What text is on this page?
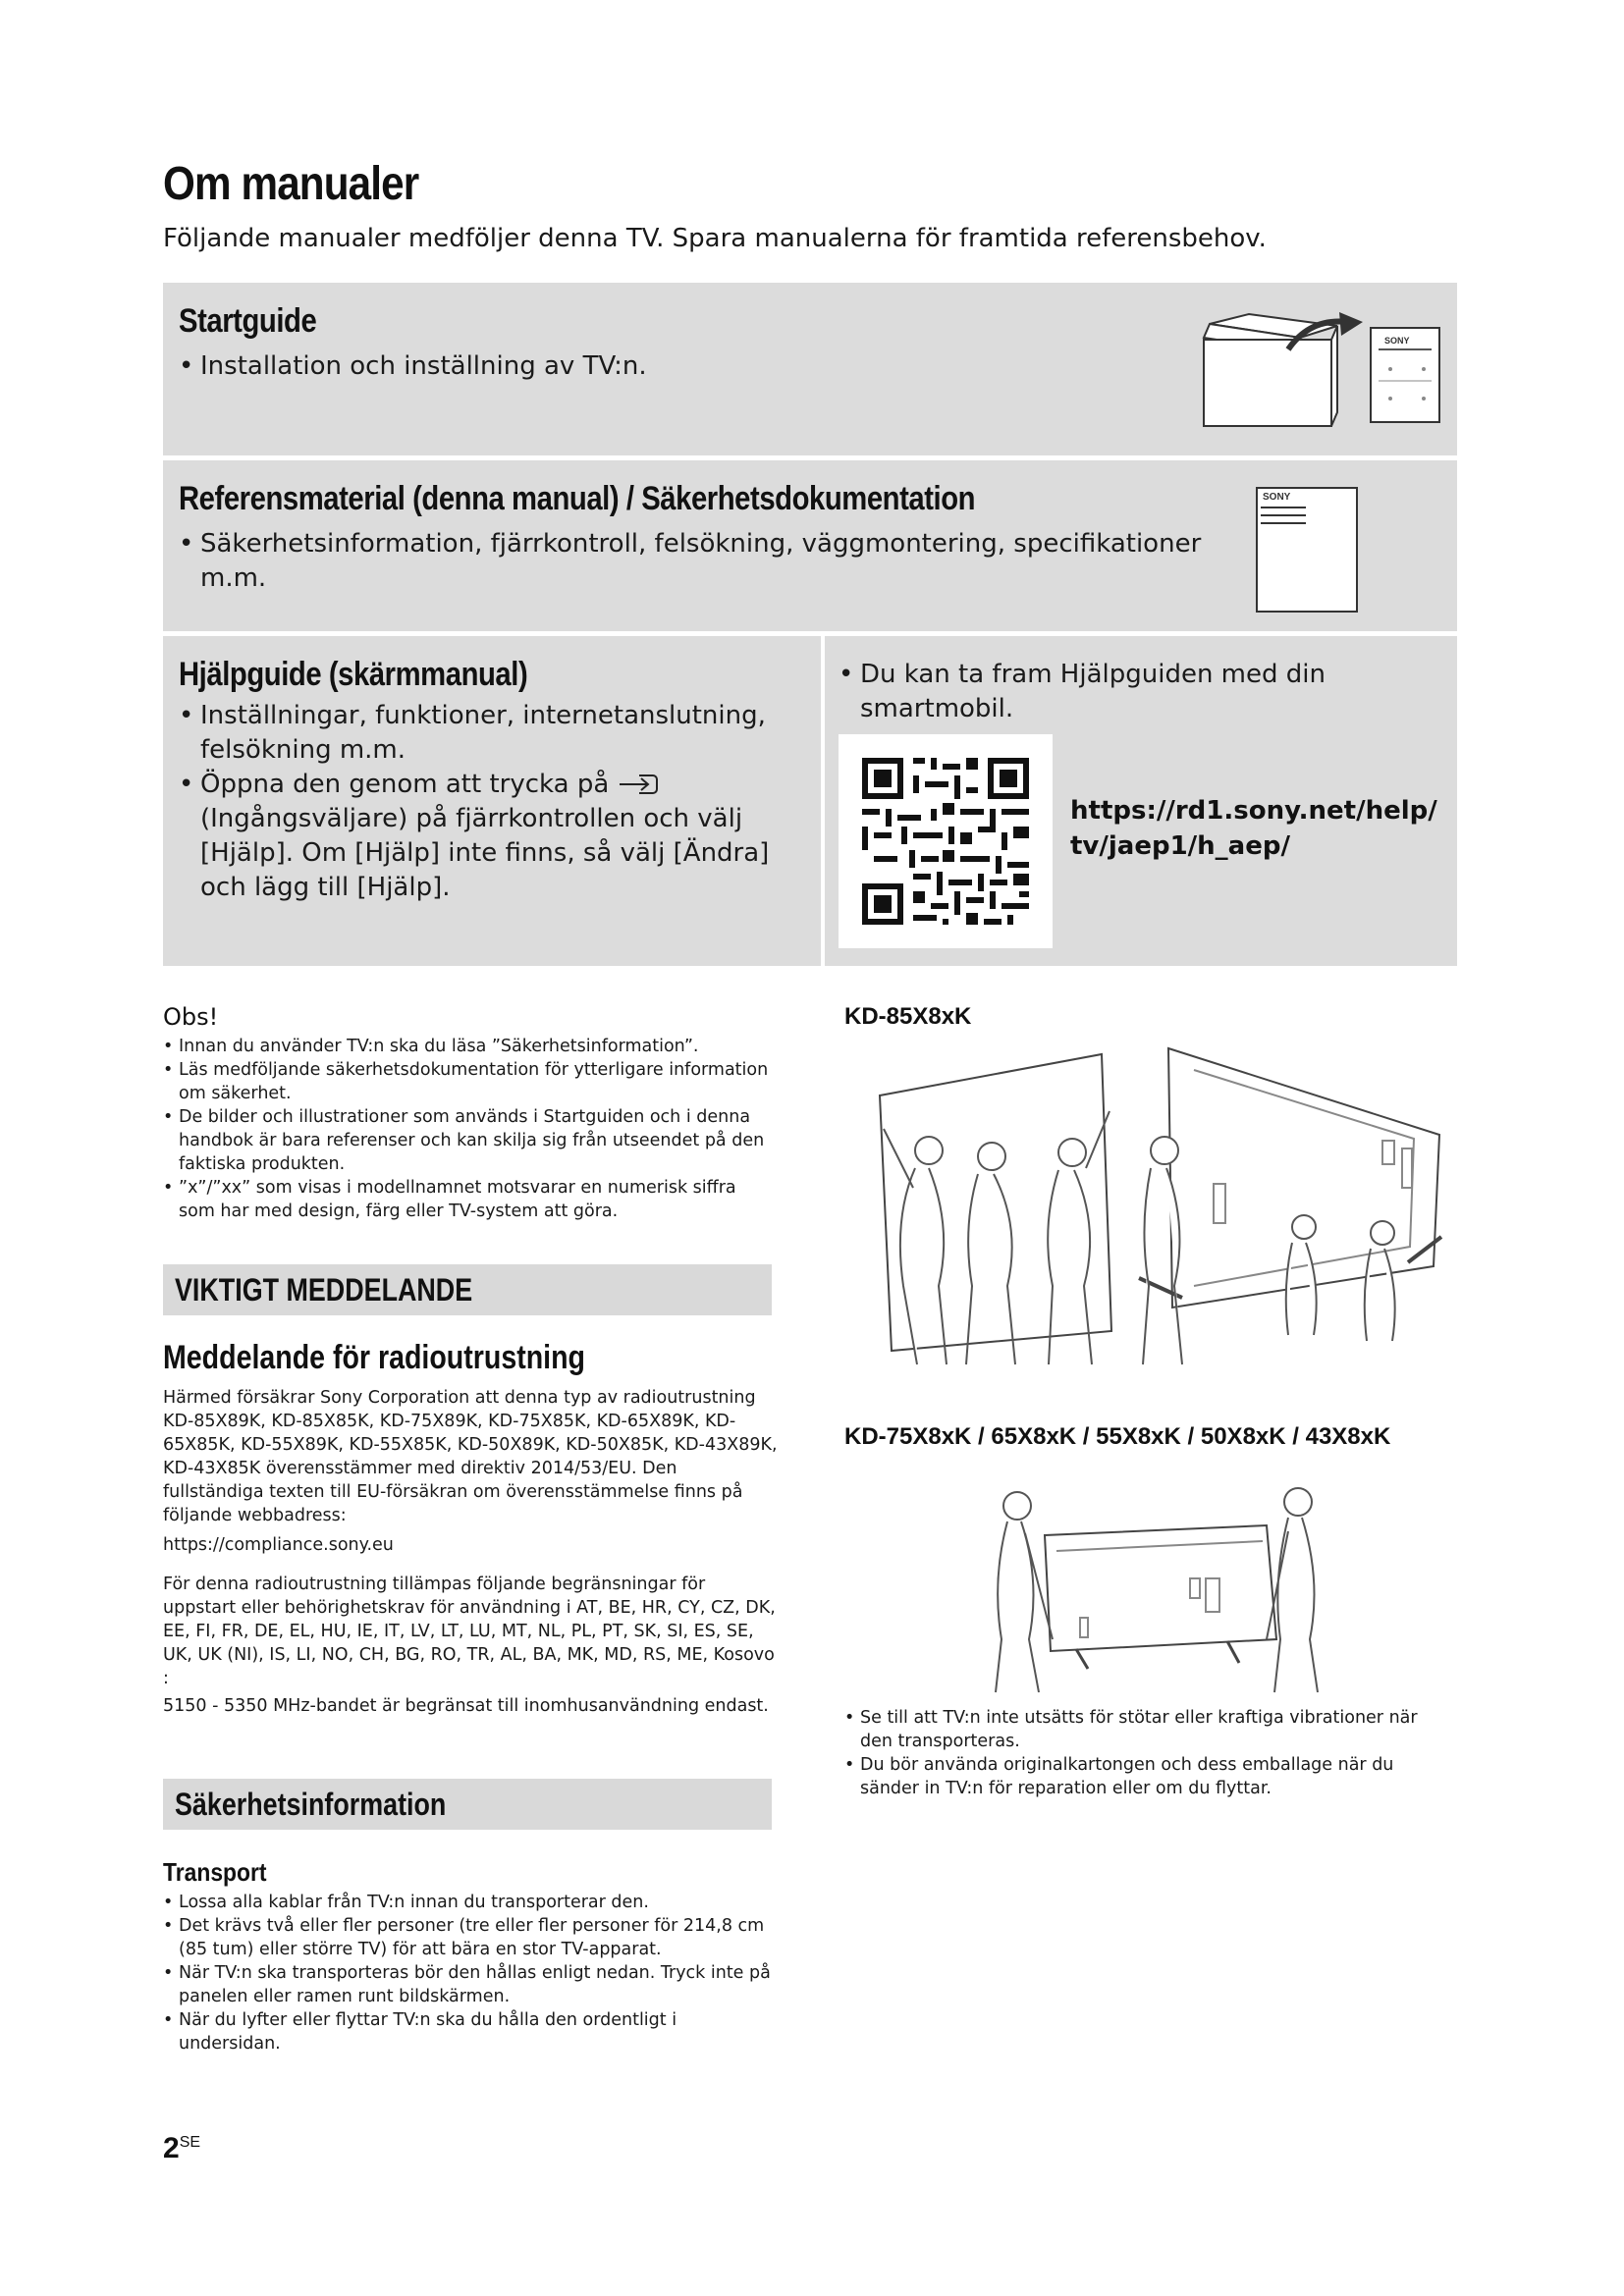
Om manualer
Följande manualer medföljer denna TV. Spara manualerna för framtida referensbehov.
Startguide
• Installation och inställning av TV:n.
SONY
Referensmaterial (denna manual) / Säkerhetsdokumentation
• Säkerhetsinformation, fjärrkontroll, felsökning, väggmontering, specifikationer m.m.
SONY
Hjälpguide (skärmmanual)
• Inställningar, funktioner, internetanslutning, felsökning m.m.
• Öppna den genom att trycka på  (Ingångsväljare) på fjärrkontrollen och välj [Hjälp]. Om [Hjälp] inte finns, så välj [Ändra] och lägg till [Hjälp].
• Du kan ta fram Hjälpguiden med din smartmobil.
https://rd1.sony.net/help/
tv/jaep1/h_aep/
Obs!
• Innan du använder TV:n ska du läsa ”Säkerhetsinformation”.
• Läs medföljande säkerhetsdokumentation för ytterligare information om säkerhet.
• De bilder och illustrationer som används i Startguiden och i denna handbok är bara referenser och kan skilja sig från utseendet på den faktiska produkten.
• ”x”/”xx” som visas i modellnamnet motsvarar en numerisk siffra som har med design, färg eller TV-system att göra.
VIKTIGT MEDDELANDE
Meddelande för radioutrustning

Härmed försäkrar Sony Corporation att denna typ av radioutrustning KD-85X89K, KD-85X85K, KD-75X89K, KD-75X85K, KD-65X89K, KD-65X85K, KD-55X89K, KD-55X85K, KD-50X89K, KD-50X85K, KD-43X89K, KD-43X85K överensstämmer med direktiv 2014/53/EU. Den fullständiga texten till EU-försäkran om överensstämmelse finns på följande webbadress:

https://compliance.sony.eu

För denna radioutrustning tillämpas följande begränsningar för uppstart eller behörighetskrav för användning i AT, BE, HR, CY, CZ, DK, EE, FI, FR, DE, EL, HU, IE, IT, LV, LT, LU, MT, NL, PL, PT, SK, SI, ES, SE, UK, UK (NI), IS, LI, NO, CH, BG, RO, TR, AL, BA, MK, MD, RS, ME, Kosovo :

5150 - 5350 MHz-bandet är begränsat till inomhusanvändning endast.

Säkerhetsinformation
Transport
• Lossa alla kablar från TV:n innan du transporterar den.
• Det krävs två eller fler personer (tre eller fler personer för 214,8 cm (85 tum) eller större TV) för att bära en stor TV-apparat.
• När TV:n ska transporteras bör den hållas enligt nedan. Tryck inte på panelen eller ramen runt bildskärmen.
• När du lyfter eller flyttar TV:n ska du hålla den ordentligt i undersidan.
KD-85X8xK
KD-75X8xK / 65X8xK / 55X8xK / 50X8xK / 43X8xK
• Se till att TV:n inte utsätts för stötar eller kraftiga vibrationer när den transporteras.
• Du bör använda originalkartongen och dess emballage när du sänder in TV:n för reparation eller om du flyttar.
$2^{SE}$
